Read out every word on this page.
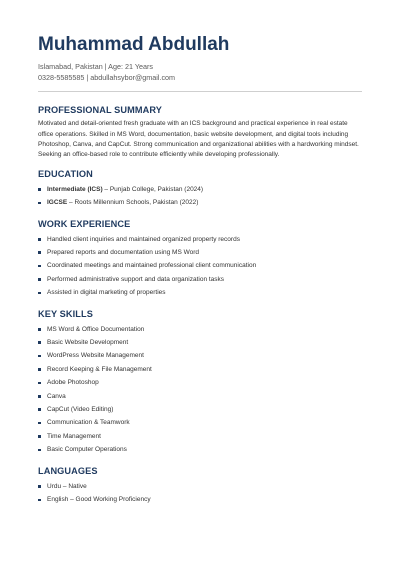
Muhammad Abdullah

Islamabad, Pakistan | Age: 21 Years

0328-5585585 | abdullahsybor@gmail.com

PROFESSIONAL SUMMARY

Motivated and detail-oriented fresh graduate with an ICS background and practical experience in real estate office operations. Skilled in MS Word, documentation, basic website development, and digital tools including Photoshop, Canva, and CapCut. Strong communication and organizational abilities with a hardworking mindset. Seeking an office-based role to contribute efficiently while developing professionally.

EDUCATION
Intermediate (ICS) – Punjab College, Pakistan (2024)
IGCSE – Roots Millennium Schools, Pakistan (2022)
WORK EXPERIENCE
Handled client inquiries and maintained organized property records
Prepared reports and documentation using MS Word
Coordinated meetings and maintained professional client communication
Performed administrative support and data organization tasks
Assisted in digital marketing of properties
KEY SKILLS
MS Word & Office Documentation
Basic Website Development
WordPress Website Management
Record Keeping & File Management
Adobe Photoshop
Canva
CapCut (Video Editing)
Communication & Teamwork
Time Management
Basic Computer Operations
LANGUAGES
Urdu – Native
English – Good Working Proficiency
